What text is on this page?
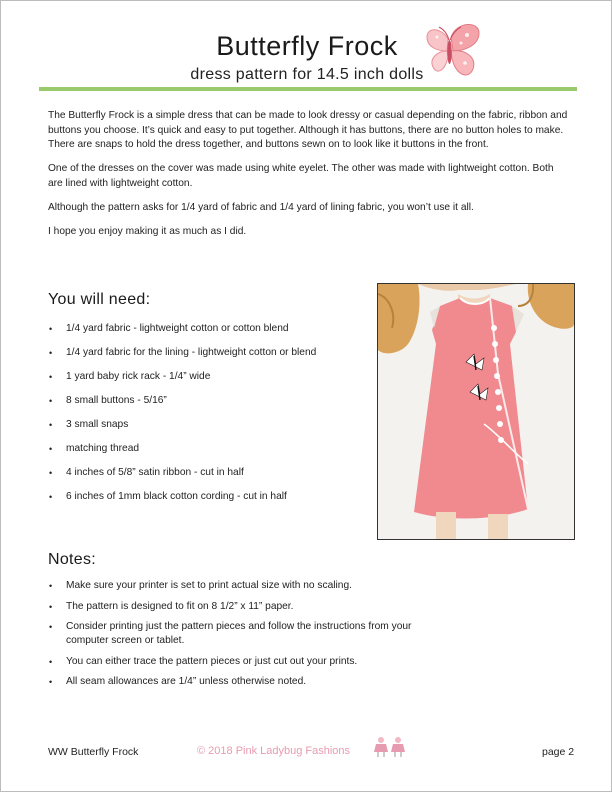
Butterfly Frock
dress pattern for 14.5 inch dolls

The Butterfly Frock is a simple dress that can be made to look dressy or casual depending on the fabric, ribbon and buttons you choose. It’s quick and easy to put together. Although it has buttons, there are no button holes to make. There are snaps to hold the dress together, and buttons sewn on to look like it buttons in the front.

One of the dresses on the cover was made using white eyelet. The other was made with lightweight cotton. Both are lined with lightweight cotton.

Although the pattern asks for 1/4 yard of fabric and 1/4 yard of lining fabric, you won’t use it all.

I hope you enjoy making it as much as I did.

You will need:
• 1/4 yard fabric - lightweight cotton or cotton blend
• 1/4 yard fabric for the lining - lightweight cotton or blend
• 1 yard baby rick rack - 1/4” wide
• 8 small buttons - 5/16”
• 3 small snaps
• matching thread
• 4 inches of 5/8” satin ribbon - cut in half
• 6 inches of 1mm black cotton cording - cut in half
Notes:
• Make sure your printer is set to print actual size with no scaling.
• The pattern is designed to fit on 8 1/2” x 11” paper.
• Consider printing just the pattern pieces and follow the instructions from your computer screen or tablet.
• You can either trace the pattern pieces or just cut out your prints.
• All seam allowances are 1/4” unless otherwise noted.
WW Butterfly Frock	© 2018 Pink Ladybug Fashions	page 2
